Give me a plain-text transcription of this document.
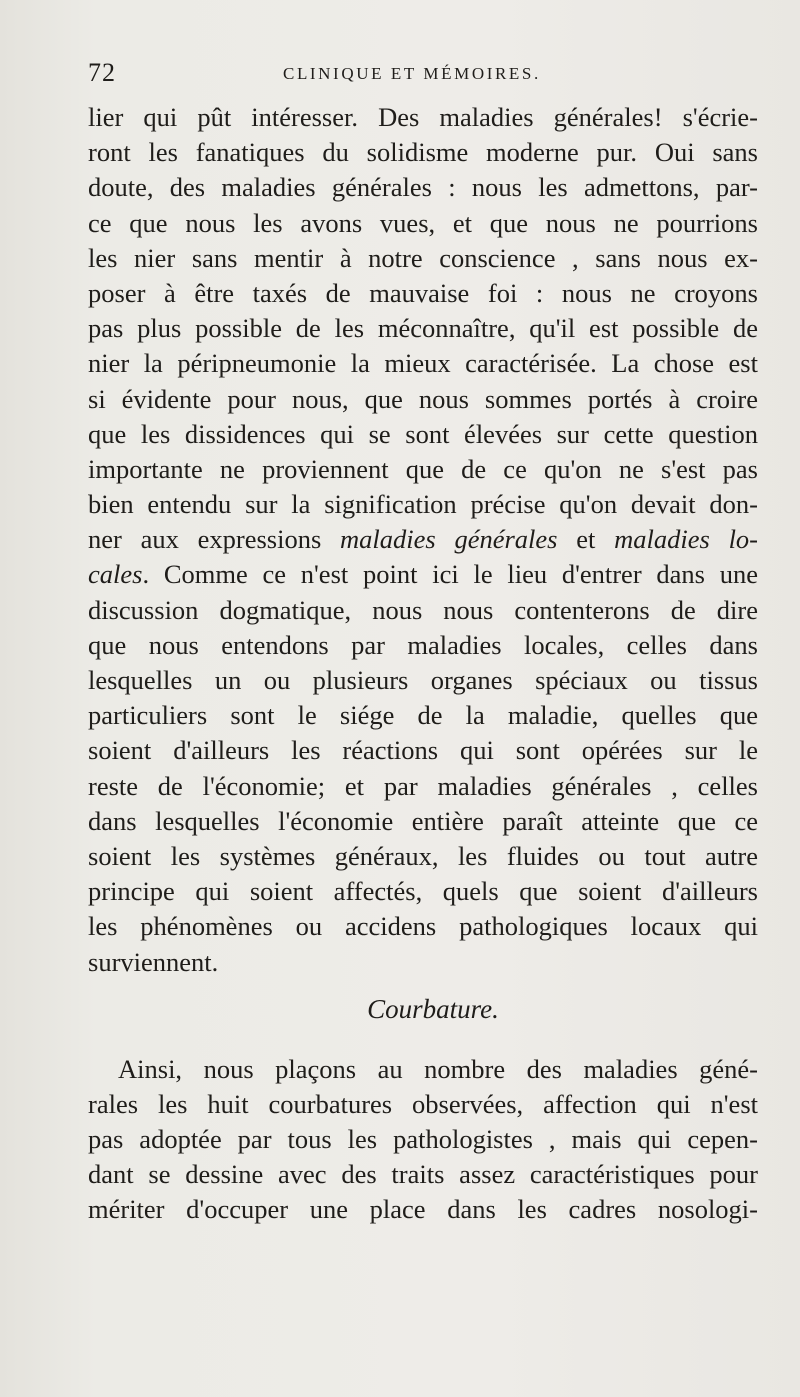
72	CLINIQUE ET MÉMOIRES.
lier qui pût intéresser. Des maladies générales! s'écrie-
ront les fanatiques du solidisme moderne pur. Oui sans
doute, des maladies générales : nous les admettons, par-
ce que nous les avons vues, et que nous ne pourrions
les nier sans mentir à notre conscience , sans nous ex-
poser à être taxés de mauvaise foi : nous ne croyons
pas plus possible de les méconnaître, qu'il est possible de
nier la péripneumonie la mieux caractérisée. La chose est
si évidente pour nous, que nous sommes portés à croire
que les dissidences qui se sont élevées sur cette question
importante ne proviennent que de ce qu'on ne s'est pas
bien entendu sur la signification précise qu'on devait don-
ner aux expressions maladies générales et maladies lo-
cales. Comme ce n'est point ici le lieu d'entrer dans une
discussion dogmatique, nous nous contenterons de dire
que nous entendons par maladies locales, celles dans
lesquelles un ou plusieurs organes spéciaux ou tissus
particuliers sont le siége de la maladie, quelles que
soient d'ailleurs les réactions qui sont opérées sur le
reste de l'économie; et par maladies générales , celles
dans lesquelles l'économie entière paraît atteinte que ce
soient les systèmes généraux, les fluides ou tout autre
principe qui soient affectés, quels que soient d'ailleurs
les phénomènes ou accidens pathologiques locaux qui
surviennent.
Courbature.
Ainsi, nous plaçons au nombre des maladies géné-
rales les huit courbatures observées, affection qui n'est
pas adoptée par tous les pathologistes , mais qui cepen-
dant se dessine avec des traits assez caractéristiques pour
mériter d'occuper une place dans les cadres nosologi-
